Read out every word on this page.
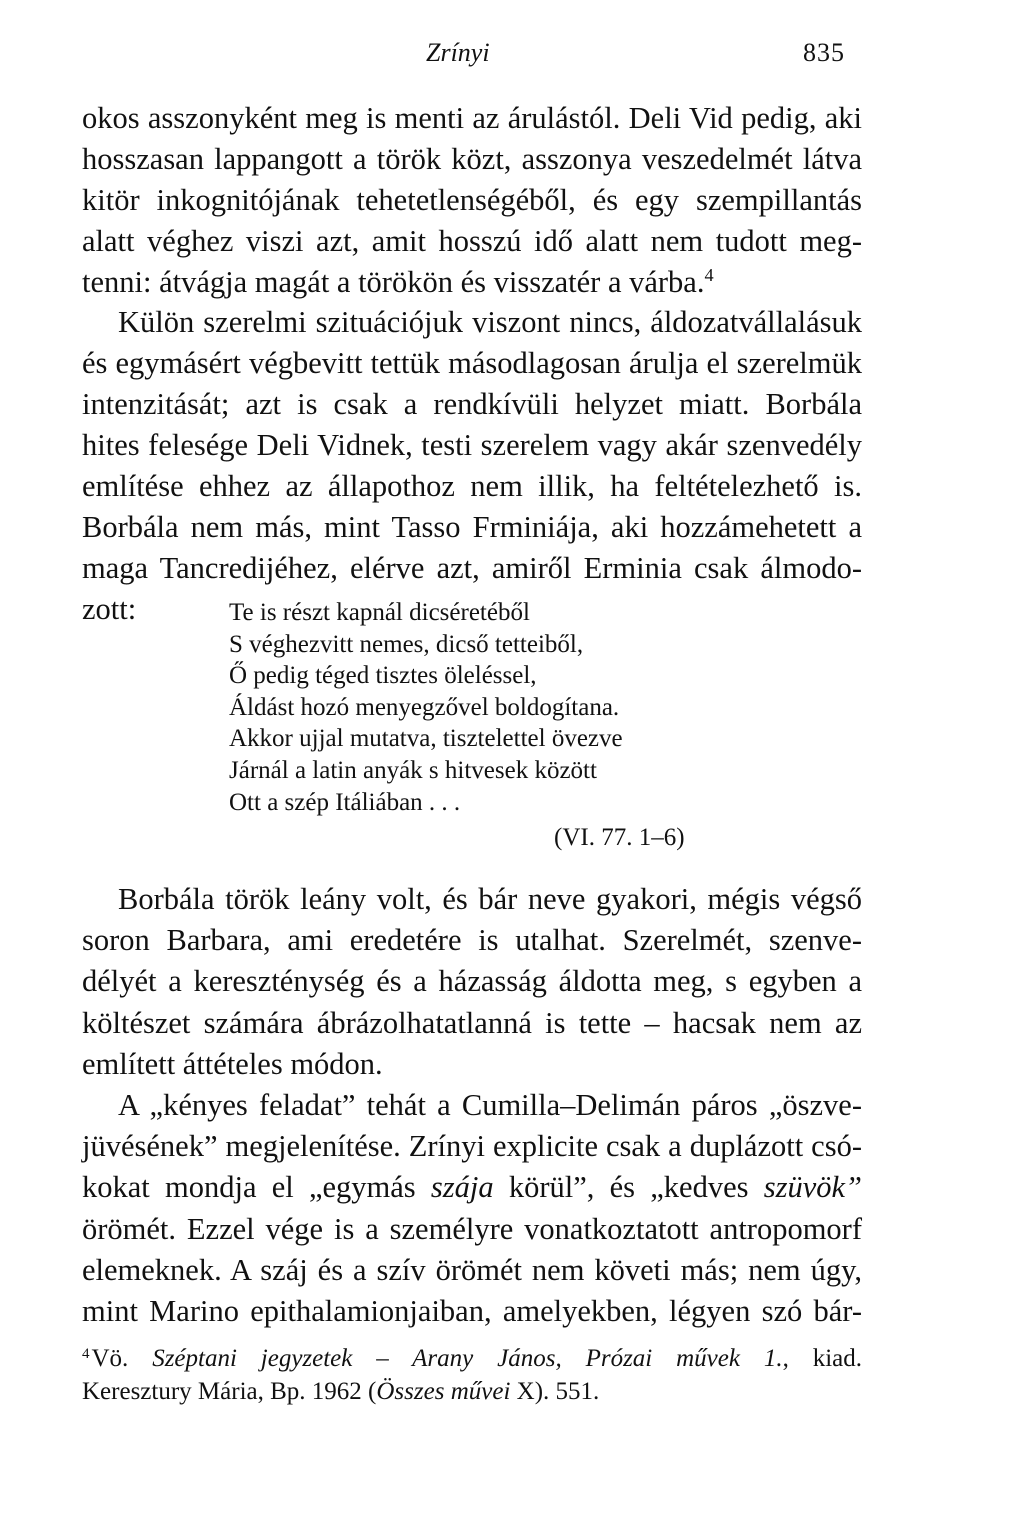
Zrínyi	835
okos asszonyként meg is menti az árulástól. Deli Vid pedig, aki
hosszasan lappangott a török közt, asszonya veszedelmét látva
kitör inkognitójának tehetetlenségéből, és egy szempillantás
alatt véghez viszi azt, amit hosszú idő alatt nem tudott meg-
tenni: átvágja magát a törökön és visszatér a várba.$^4$
Külön szerelmi szituációjuk viszont nincs, áldozatvállalásuk
és egymásért végbevitt tettük másodlagosan árulja el szerelmük
intenzitását; azt is csak a rendkívüli helyzet miatt. Borbála
hites felesége Deli Vidnek, testi szerelem vagy akár szenvedély
említése ehhez az állapothoz nem illik, ha feltételezhető is.
Borbála nem más, mint Tasso Frminiája, aki hozzámehetett a
maga Tancredijéhez, elérve azt, amiről Erminia csak álmodo-
zott:	Te is részt kapnál dicséretéből
S véghezvitt nemes, dicső tetteiből,
Ő pedig téged tisztes öleléssel,
Áldást hozó menyegzővel boldogítana.
Akkor ujjal mutatva, tisztelettel övezve
Járnál a latin anyák s hitvesek között
Ott a szép Itáliában . . .
(VI. 77. 1–6)
Borbála török leány volt, és bár neve gyakori, mégis végső
soron Barbara, ami eredetére is utalhat. Szerelmét, szenve-
délyét a kereszténység és a házasság áldotta meg, s egyben a
költészet számára ábrázolhatatlanná is tette – hacsak nem az
említett áttételes módon.
A „kényes feladat” tehát a Cumilla–Delimán páros „öszve-
jüvésének” megjelenítése. Zrínyi explicite csak a duplázott csó-
kokat mondja el „egymás szája körül”, és „kedves szüvök”
örömét. Ezzel vége is a személyre vonatkoztatott antropomorf
elemeknek. A száj és a szív örömét nem követi más; nem úgy,
mint Marino epithalamionjaiban, amelyekben, légyen szó bár-
$^4$Vö. Széptani jegyzetek – Arany János, Prózai művek 1., kiad.
Keresztury Mária, Bp. 1962 (Összes művei X). 551.
